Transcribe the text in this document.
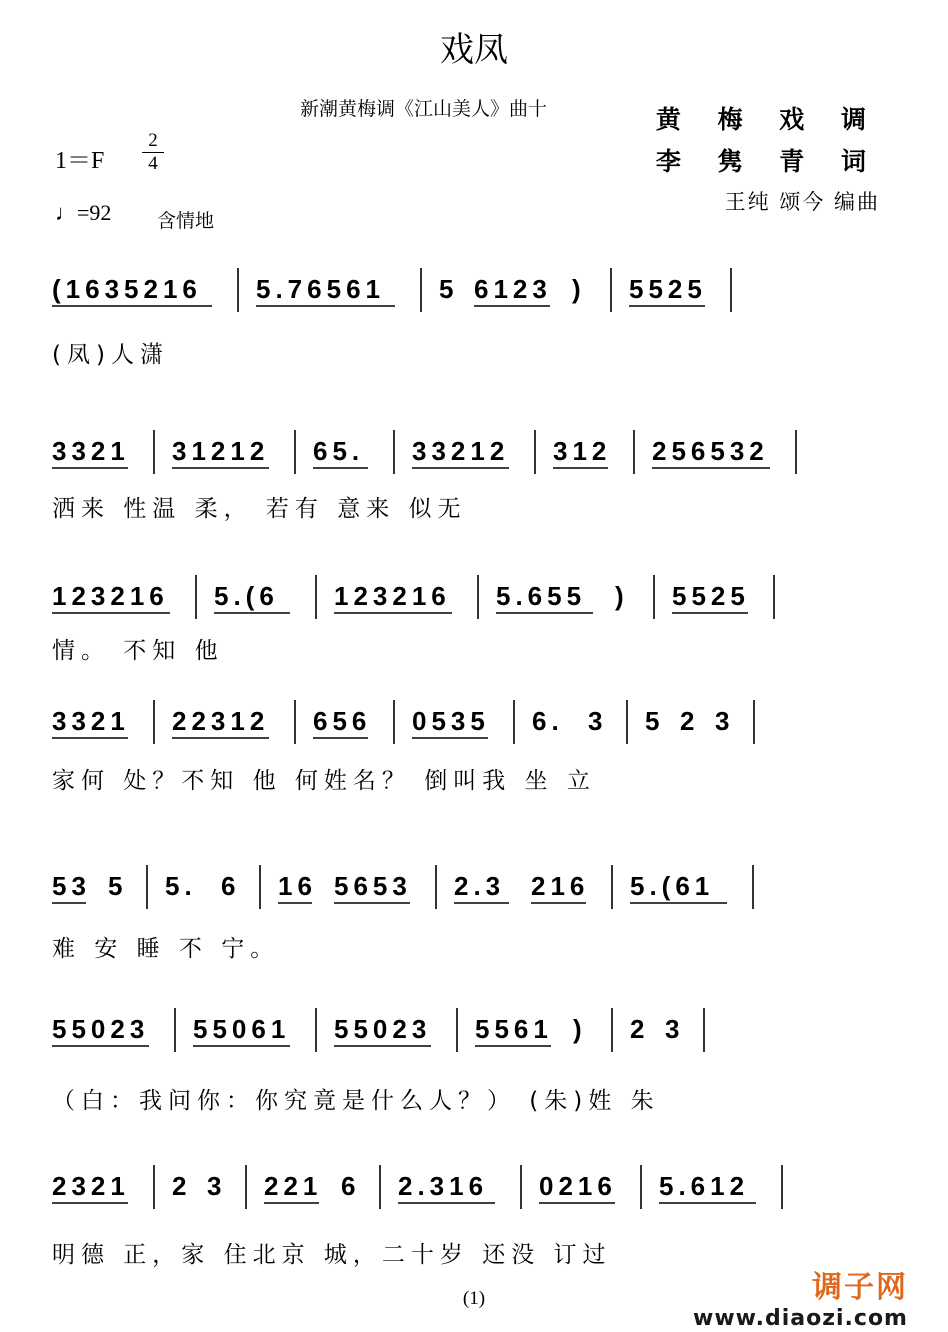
戏凤
新潮黄梅调《江山美人》曲十	黄 梅 戏 调
李 隽 青 词
王纯 颂今 编曲
1＝F
2
4
♩=92 含情地
(1635216 5.76561 5 6123 ) 5525
(凤)人潇
3321 31212 65. 33212 312 256532
洒来 性温 柔， 若有 意来 似无
123216 5.(6 123216 5.655 ) 5525
情。 不知 他
3321 22312 656 0535 6. 3 5 2 3
家何 处？不知 他 何姓名？ 倒叫我 坐 立
53 5 5. 6 16 5653 2.3 216 5.(61
难 安 睡 不 宁。
55023 55061 55023 5561 ) 2 3
（白：我问你：你究竟是什么人？） (朱)姓 朱
2321 2 3 221 6 2.316 0216 5.612
明德 正，家 住北京 城，二十岁 还没 订过
(1)	调子网
www.diaozi.com
